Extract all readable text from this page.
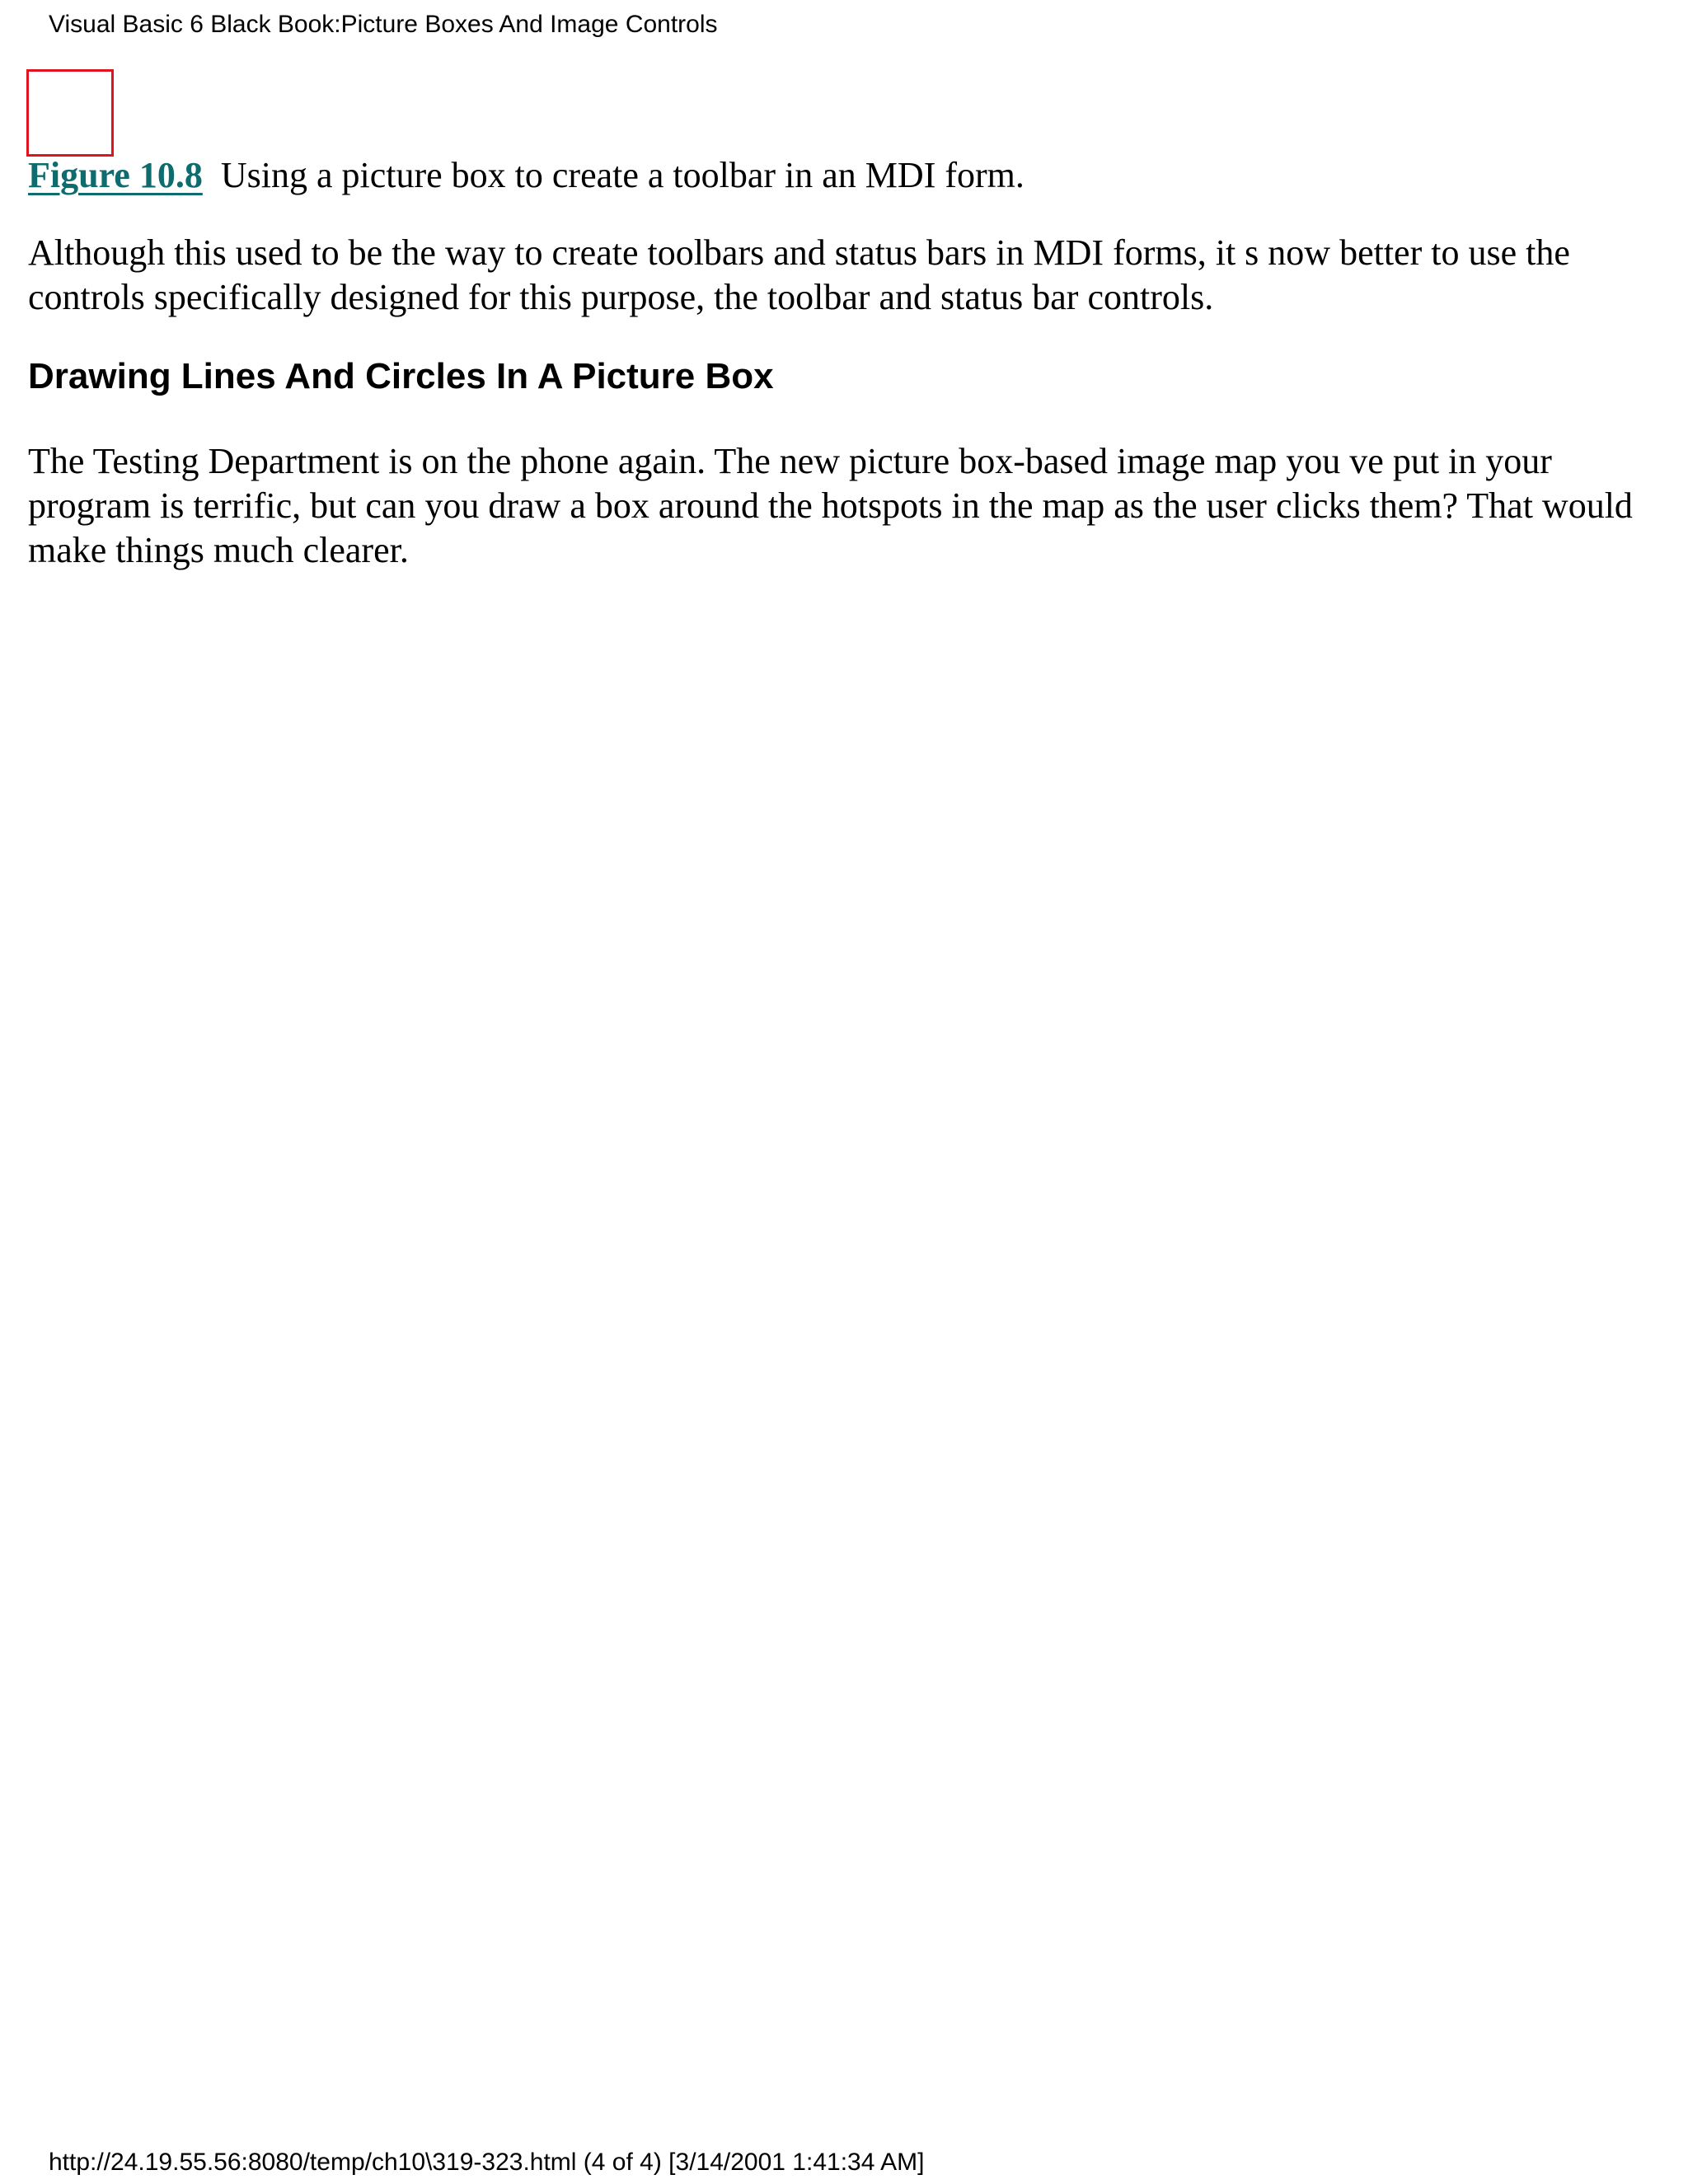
Visual Basic 6 Black Book:Picture Boxes And Image Controls
Figure 10.8 Using a picture box to create a toolbar in an MDI form.

Although this used to be the way to create toolbars and status bars in MDI forms, it s now better to use the controls specifically designed for this purpose, the toolbar and status bar controls.

Drawing Lines And Circles In A Picture Box

The Testing Department is on the phone again. The new picture box-based image map you ve put in your program is terrific, but can you draw a box around the hotspots in the map as the user clicks them? That would make things much clearer.

http://24.19.55.56:8080/temp/ch10\319-323.html (4 of 4) [3/14/2001 1:41:34 AM]
